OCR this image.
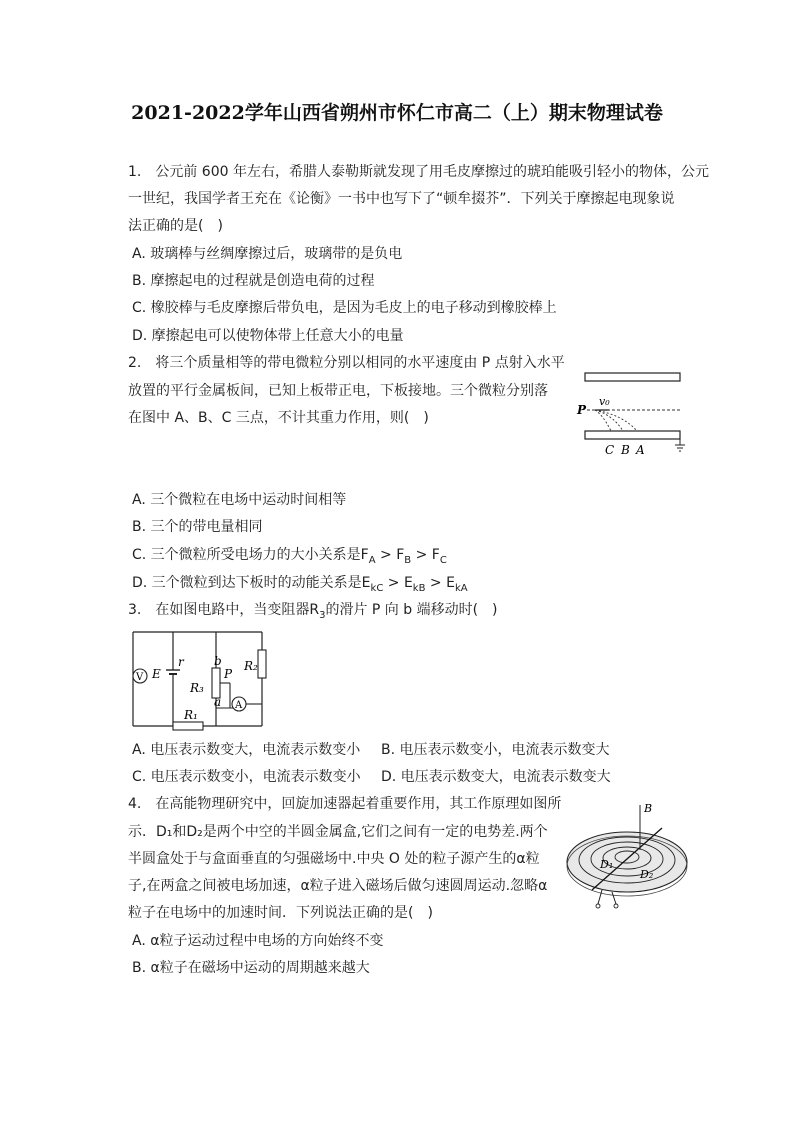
2021-2022学年山西省朔州市怀仁市高二（上）期末物理试卷
1.　公元前 600 年左右，希腊人泰勒斯就发现了用毛皮摩擦过的琥珀能吸引轻小的物体，公元
一世纪，我国学者王充在《论衡》一书中也写下了“顿牟掇芥”．下列关于摩擦起电现象说
法正确的是(　)
A. 玻璃棒与丝绸摩擦过后，玻璃带的是负电
B. 摩擦起电的过程就是创造电荷的过程
C. 橡胶棒与毛皮摩擦后带负电，是因为毛皮上的电子移动到橡胶棒上
D. 摩擦起电可以使物体带上任意大小的电量
2.　将三个质量相等的带电微粒分别以相同的水平速度由 P 点射入水平
放置的平行金属板间，已知上板带正电，下板接地。三个微粒分别落
在图中 A、B、C 三点，不计其重力作用，则(　)	P
v₀
C B A
A. 三个微粒在电场中运动时间相等
B. 三个的带电量相同
C. 三个微粒所受电场力的大小关系是$F_A > F_B > F_C$
D. 三个微粒到达下板时的动能关系是$E_{kC} > E_{kB} > E_{kA}$
3.　在如图电路中，当变阻器$R_3$的滑片 P 向 b 端移动时(　)
V E
r	b
P
R₃
R₂
a A
R₁
A. 电压表示数变大，电流表示数变小 B. 电压表示数变小，电流表示数变大
C. 电压表示数变小，电流表示数变小 D. 电压表示数变大，电流表示数变大
4.　在高能物理研究中，回旋加速器起着重要作用，其工作原理如图所
示．D₁和D₂是两个中空的半圆金属盒,它们之间有一定的电势差.两个
半圆盒处于与盒面垂直的匀强磁场中.中央 O 处的粒子源产生的α粒
子,在两盒之间被电场加速，α粒子进入磁场后做匀速圆周运动.忽略α
粒子在电场中的加速时间．下列说法正确的是(　)
B
D₁
D₂
A. α粒子运动过程中电场的方向始终不变
B. α粒子在磁场中运动的周期越来越大
